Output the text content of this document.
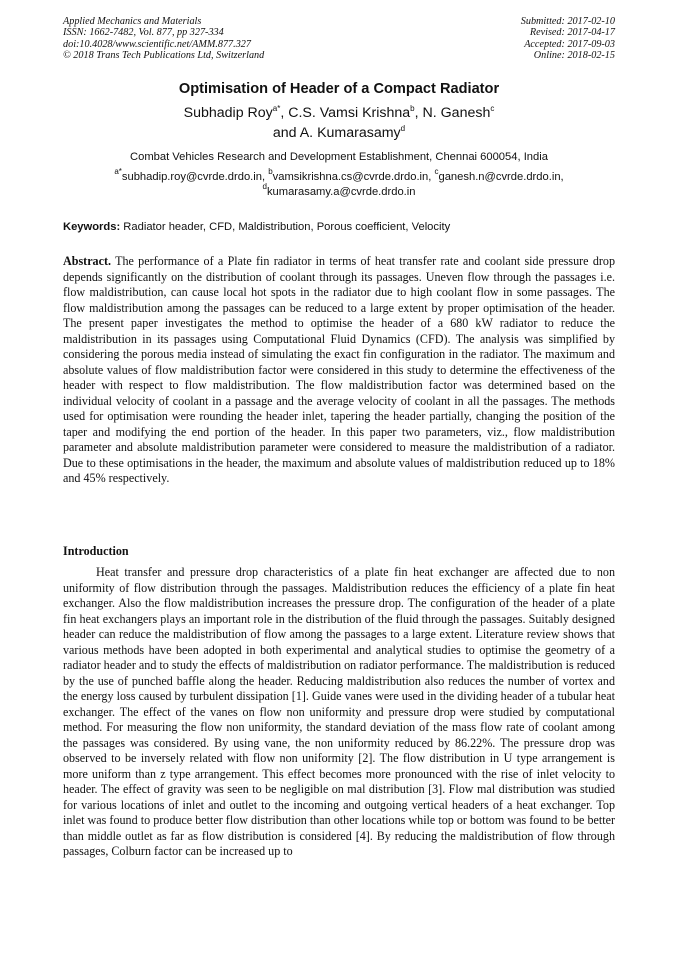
Applied Mechanics and Materials
ISSN: 1662-7482, Vol. 877, pp 327-334
doi:10.4028/www.scientific.net/AMM.877.327
© 2018 Trans Tech Publications Ltd, Switzerland
Submitted: 2017-02-10
Revised: 2017-04-17
Accepted: 2017-09-03
Online: 2018-02-15
Optimisation of Header of a Compact Radiator
Subhadip Roy$^{a*}$, C.S. Vamsi Krishna$^b$, N. Ganesh$^c$
and A. Kumarasamy$^d$
Combat Vehicles Research and Development Establishment, Chennai 600054, India
$^{a*}$subhadip.roy@cvrde.drdo.in, $^b$vamsikrishna.cs@cvrde.drdo.in, $^c$ganesh.n@cvrde.drdo.in,
$^d$kumarasamy.a@cvrde.drdo.in
Keywords: Radiator header, CFD, Maldistribution, Porous coefficient, Velocity
Abstract. The performance of a Plate fin radiator in terms of heat transfer rate and coolant side pressure drop depends significantly on the distribution of coolant through its passages. Uneven flow through the passages i.e. flow maldistribution, can cause local hot spots in the radiator due to high coolant flow in some passages. The flow maldistribution among the passages can be reduced to a large extent by proper optimisation of the header. The present paper investigates the method to optimise the header of a 680 kW radiator to reduce the maldistribution in its passages using Computational Fluid Dynamics (CFD). The analysis was simplified by considering the porous media instead of simulating the exact fin configuration in the radiator. The maximum and absolute values of flow maldistribution factor were considered in this study to determine the effectiveness of the header with respect to flow maldistribution. The flow maldistribution factor was determined based on the individual velocity of coolant in a passage and the average velocity of coolant in all the passages. The methods used for optimisation were rounding the header inlet, tapering the header partially, changing the position of the taper and modifying the end portion of the header. In this paper two parameters, viz., flow maldistribution parameter and absolute maldistribution parameter were considered to measure the maldistribution of a radiator. Due to these optimisations in the header, the maximum and absolute values of maldistribution reduced up to 18% and 45% respectively.
Introduction
Heat transfer and pressure drop characteristics of a plate fin heat exchanger are affected due to non uniformity of flow distribution through the passages. Maldistribution reduces the efficiency of a plate fin heat exchanger. Also the flow maldistribution increases the pressure drop. The configuration of the header of a plate fin heat exchangers plays an important role in the distribution of the fluid through the passages. Suitably designed header can reduce the maldistribution of flow among the passages to a large extent. Literature review shows that various methods have been adopted in both experimental and analytical studies to optimise the geometry of a radiator header and to study the effects of maldistribution on radiator performance. The maldistribution is reduced by the use of punched baffle along the header. Reducing maldistribution also reduces the number of vortex and the energy loss caused by turbulent dissipation [1]. Guide vanes were used in the dividing header of a tubular heat exchanger. The effect of the vanes on flow non uniformity and pressure drop were studied by computational method. For measuring the flow non uniformity, the standard deviation of the mass flow rate of coolant among the passages was considered. By using vane, the non uniformity reduced by 86.22%. The pressure drop was observed to be inversely related with flow non uniformity [2]. The flow distribution in U type arrangement is more uniform than z type arrangement. This effect becomes more pronounced with the rise of inlet velocity to header. The effect of gravity was seen to be negligible on mal distribution [3]. Flow mal distribution was studied for various locations of inlet and outlet to the incoming and outgoing vertical headers of a heat exchanger. Top inlet was found to produce better flow distribution than other locations while top or bottom was found to be better than middle outlet as far as flow distribution is considered [4]. By reducing the maldistribution of flow through passages, Colburn factor can be increased up to
